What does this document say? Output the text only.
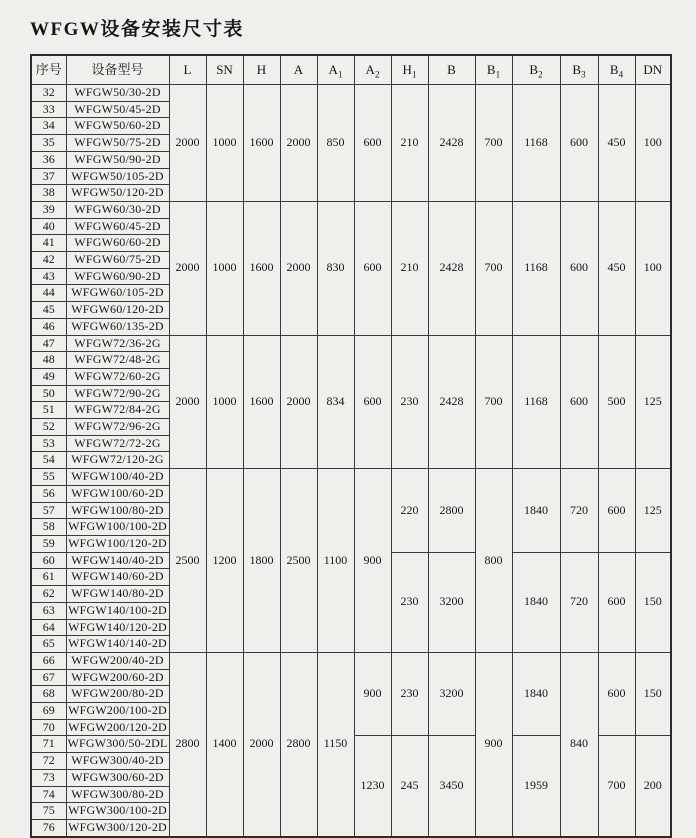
WFGW设备安装尺寸表
序号	设备型号	L	SN	H	A	$A_1$	$A_2$	$H_1$	B	$B_1$	$B_2$	$B_3$	$B_4$	DN
32	WFGW50/30-2D	2000	1000	1600	2000	850	600	210	2428	700	1168	600	450	100
33	WFGW50/45-2D													
34	WFGW50/60-2D													
35	WFGW50/75-2D													
36	WFGW50/90-2D													
37	WFGW50/105-2D													
38	WFGW50/120-2D													
39	WFGW60/30-2D	2000	1000	1600	2000	830	600	210	2428	700	1168	600	450	100
40	WFGW60/45-2D													
41	WFGW60/60-2D													
42	WFGW60/75-2D													
43	WFGW60/90-2D													
44	WFGW60/105-2D													
45	WFGW60/120-2D													
46	WFGW60/135-2D													
47	WFGW72/36-2G	2000	1000	1600	2000	834	600	230	2428	700	1168	600	500	125
48	WFGW72/48-2G													
49	WFGW72/60-2G													
50	WFGW72/90-2G													
51	WFGW72/84-2G													
52	WFGW72/96-2G													
53	WFGW72/72-2G													
54	WFGW72/120-2G													
55	WFGW100/40-2D	2500	1200	1800	2500	1100	900	220	2800	800	1840	720	600	125
56	WFGW100/60-2D													
57	WFGW100/80-2D													
58	WFGW100/100-2D													
59	WFGW100/120-2D													
60	WFGW140/40-2D							230	3200		1840	720	600	150
61	WFGW140/60-2D													
62	WFGW140/80-2D													
63	WFGW140/100-2D													
64	WFGW140/120-2D													
65	WFGW140/140-2D													
66	WFGW200/40-2D	2800	1400	2000	2800	1150	900	230	3200	900	1840	840	600	150
67	WFGW200/60-2D													
68	WFGW200/80-2D													
69	WFGW200/100-2D													
70	WFGW200/120-2D													
71	WFGW300/50-2DL						1230	245	3450		1959		700	200
72	WFGW300/40-2D													
73	WFGW300/60-2D													
74	WFGW300/80-2D													
75	WFGW300/100-2D													
76	WFGW300/120-2D													
